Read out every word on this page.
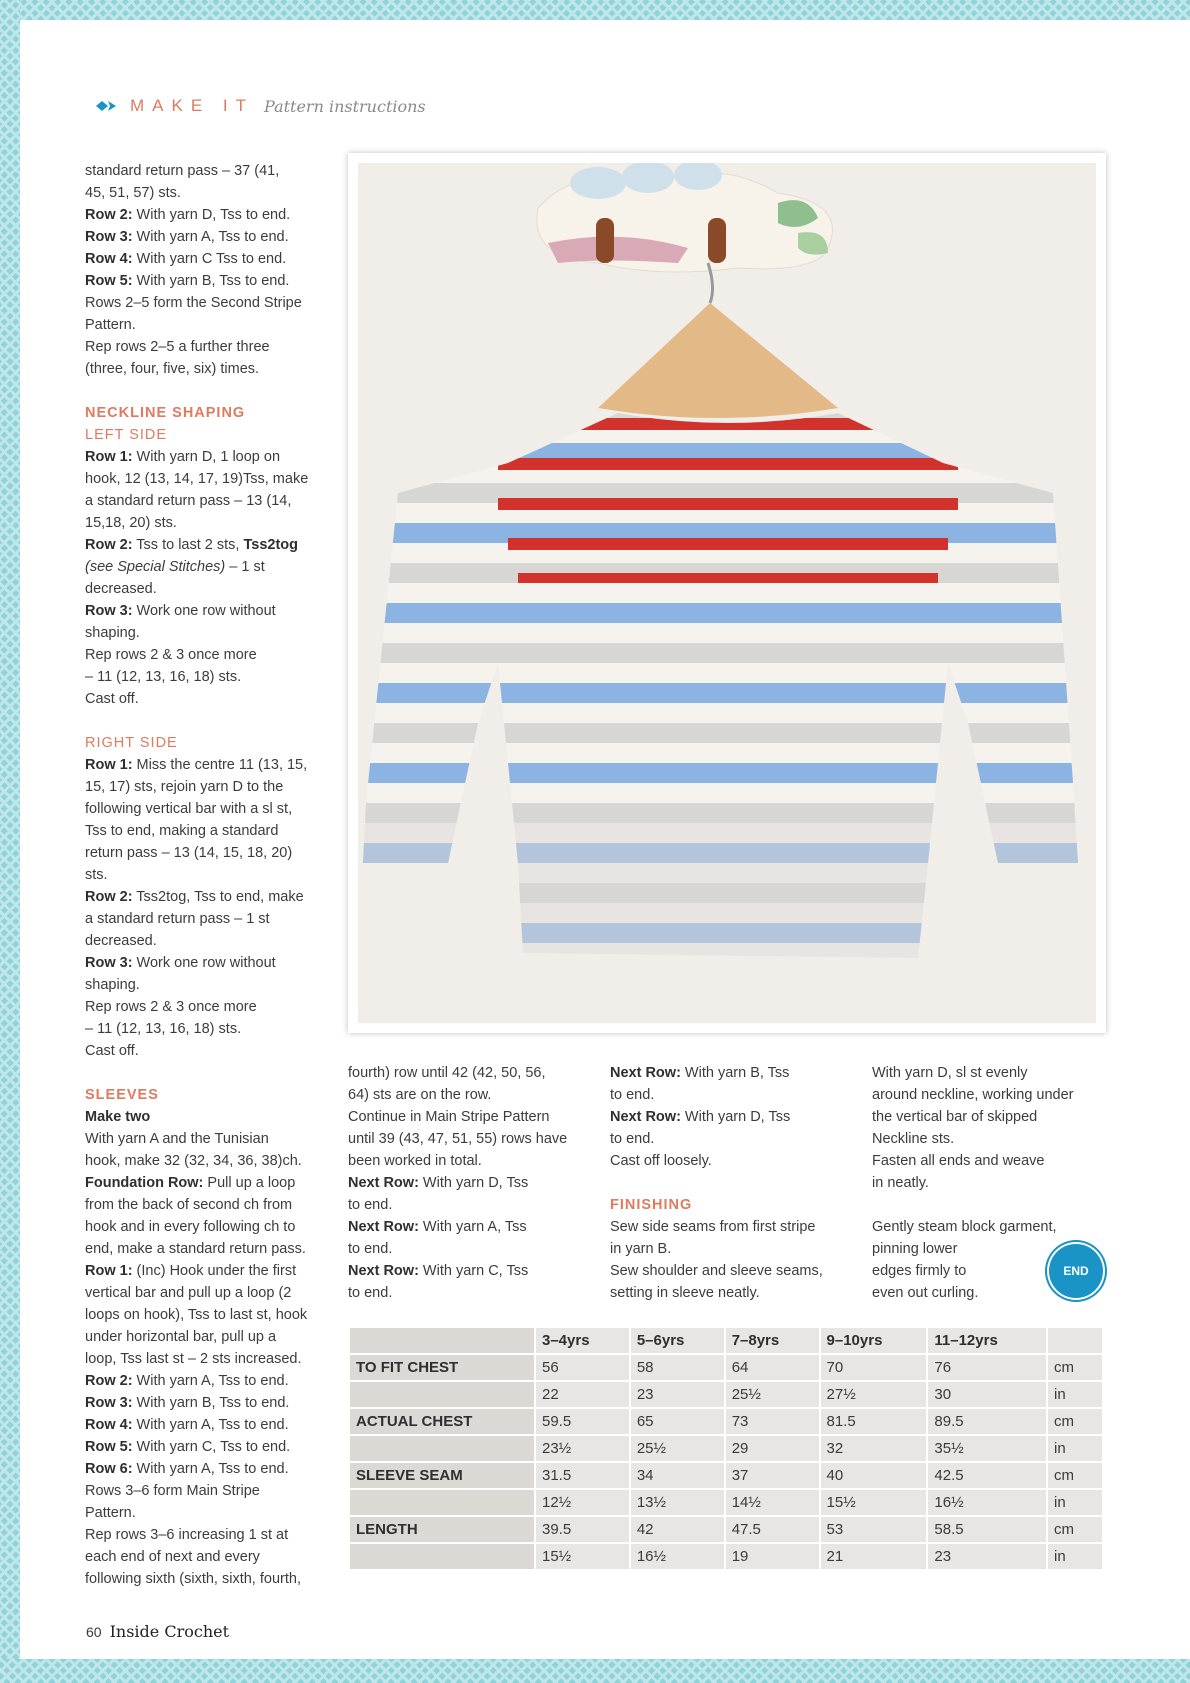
MAKE IT Pattern instructions

standard return pass – 37 (41,

45, 51, 57) sts.

Row 2: With yarn D, Tss to end.

Row 3: With yarn A, Tss to end.

Row 4: With yarn C Tss to end.

Row 5: With yarn B, Tss to end.

Rows 2–5 form the Second Stripe

Pattern.

Rep rows 2–5 a further three

(three, four, five, six) times.

NECKLINE SHAPING

LEFT SIDE

Row 1: With yarn D, 1 loop on

hook, 12 (13, 14, 17, 19)Tss, make

a standard return pass – 13 (14,

15,18, 20) sts.

Row 2: Tss to last 2 sts, Tss2tog

(see Special Stitches) – 1 st

decreased.

Row 3: Work one row without

shaping.

Rep rows 2 & 3 once more

– 11 (12, 13, 16, 18) sts.

Cast off.

RIGHT SIDE

Row 1: Miss the centre 11 (13, 15,

15, 17) sts, rejoin yarn D to the

following vertical bar with a sl st,

Tss to end, making a standard

return pass – 13 (14, 15, 18, 20)

sts.

Row 2: Tss2tog, Tss to end, make

a standard return pass – 1 st

decreased.

Row 3: Work one row without

shaping.

Rep rows 2 & 3 once more

– 11 (12, 13, 16, 18) sts.

Cast off.

SLEEVES

Make two

With yarn A and the Tunisian

hook, make 32 (32, 34, 36, 38)ch.

Foundation Row: Pull up a loop

from the back of second ch from

hook and in every following ch to

end, make a standard return pass.

Row 1: (Inc) Hook under the first

vertical bar and pull up a loop (2

loops on hook), Tss to last st, hook

under horizontal bar, pull up a

loop, Tss last st – 2 sts increased.

Row 2: With yarn A, Tss to end.

Row 3: With yarn B, Tss to end.

Row 4: With yarn A, Tss to end.

Row 5: With yarn C, Tss to end.

Row 6: With yarn A, Tss to end.

Rows 3–6 form Main Stripe

Pattern.

Rep rows 3–6 increasing 1 st at

each end of next and every

following sixth (sixth, sixth, fourth,

fourth) row until 42 (42, 50, 56,

64) sts are on the row.

Continue in Main Stripe Pattern

until 39 (43, 47, 51, 55) rows have

been worked in total.

Next Row: With yarn D, Tss

to end.

Next Row: With yarn A, Tss

to end.

Next Row: With yarn C, Tss

to end.

Next Row: With yarn B, Tss

to end.

Next Row: With yarn D, Tss

to end.

Cast off loosely.

FINISHING

Sew side seams from first stripe

in yarn B.

Sew shoulder and sleeve seams,

setting in sleeve neatly.

With yarn D, sl st evenly

around neckline, working under

the vertical bar of skipped

Neckline sts.

Fasten all ends and weave

in neatly.

Gently steam block garment,

pinning lower

edges firmly to

even out curling.

END
	3–4yrs	5–6yrs	7–8yrs	9–10yrs	11–12yrs	
TO FIT CHEST	56	58	64	70	76	cm
	22	23	25½	27½	30	in
ACTUAL CHEST	59.5	65	73	81.5	89.5	cm
	23½	25½	29	32	35½	in
SLEEVE SEAM	31.5	34	37	40	42.5	cm
	12½	13½	14½	15½	16½	in
LENGTH	39.5	42	47.5	53	58.5	cm
	15½	16½	19	21	23	in
60 Inside Crochet
